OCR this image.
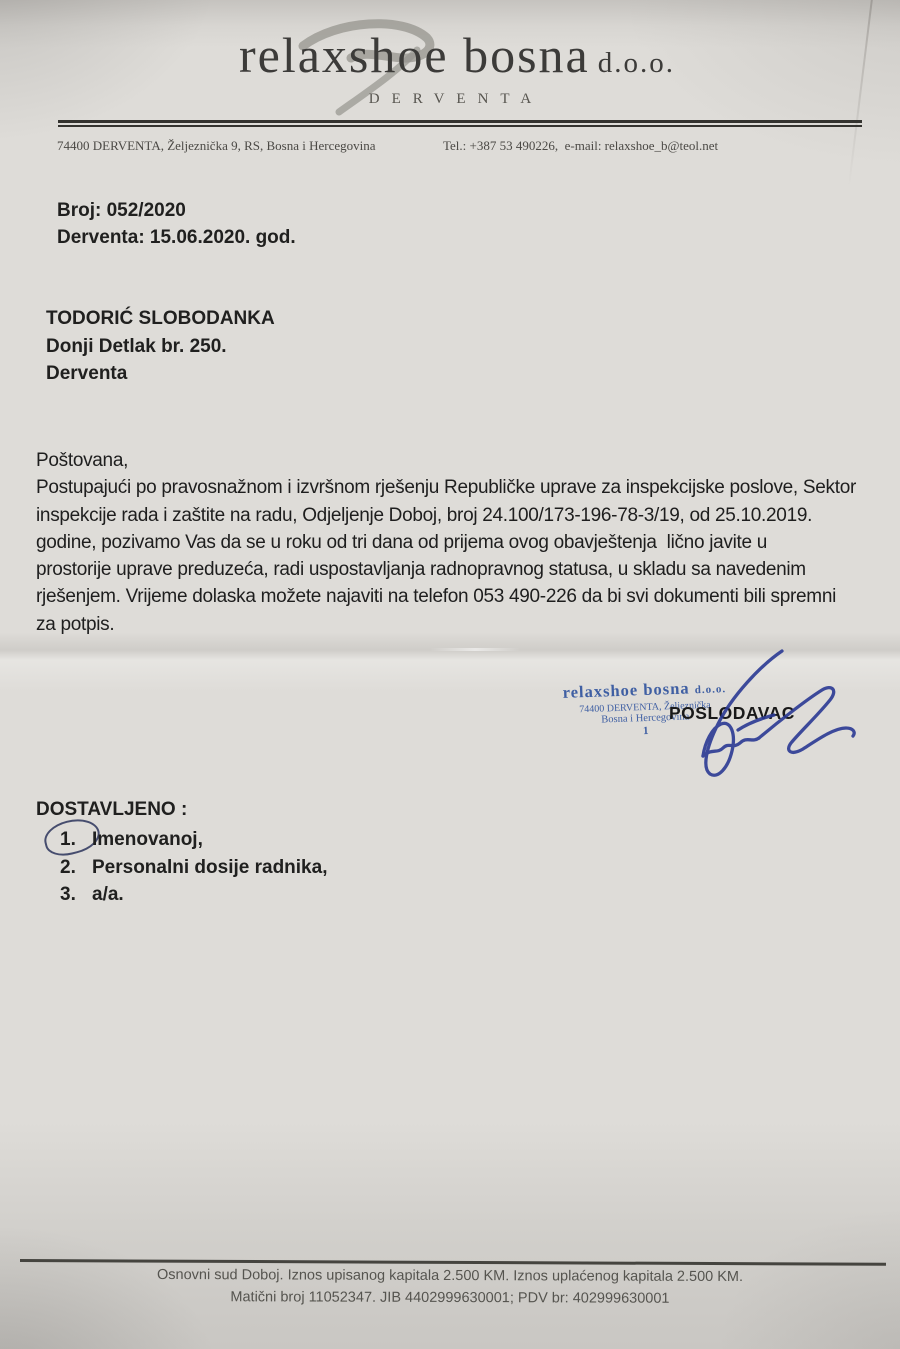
relaxshoe bosna d.o.o.
DERVENTA
74400 DERVENTA, Željeznička 9, RS, Bosna i Hercegovina	Tel.: +387 53 490226,  e-mail: relaxshoe_b@teol.net
Broj: 052/2020
Derventa: 15.06.2020. god.
TODORIĆ SLOBODANKA
Donji Detlak br. 250.
Derventa
Poštovana,
Postupajući po pravosnažnom i izvršnom rješenju Republičke uprave za inspekcijske poslove, Sektor
inspekcije rada i zaštite na radu, Odjeljenje Doboj, broj 24.100/173-196-78-3/19, od 25.10.2019.
godine, pozivamo Vas da se u roku od tri dana od prijema ovog obavještenja  lično javite u
prostorije uprave preduzeća, radi uspostavljanja radnopravnog statusa, u skladu sa navedenim
rješenjem. Vrijeme dolaska možete najaviti na telefon 053 490-226 da bi svi dokumenti bili spremni
za potpis.
relaxshoe bosna d.o.o.
74400 DERVENTA, Željeznička
Bosna i Hercegovina
1
POSLODAVAC
DOSTAVLJENO :
1. Imenovanoj,
2. Personalni dosije radnika,
3. a/a.
Osnovni sud Doboj. Iznos upisanog kapitala 2.500 KM. Iznos uplaćenog kapitala 2.500 KM.
Matični broj 11052347. JIB 4402999630001; PDV br: 402999630001
